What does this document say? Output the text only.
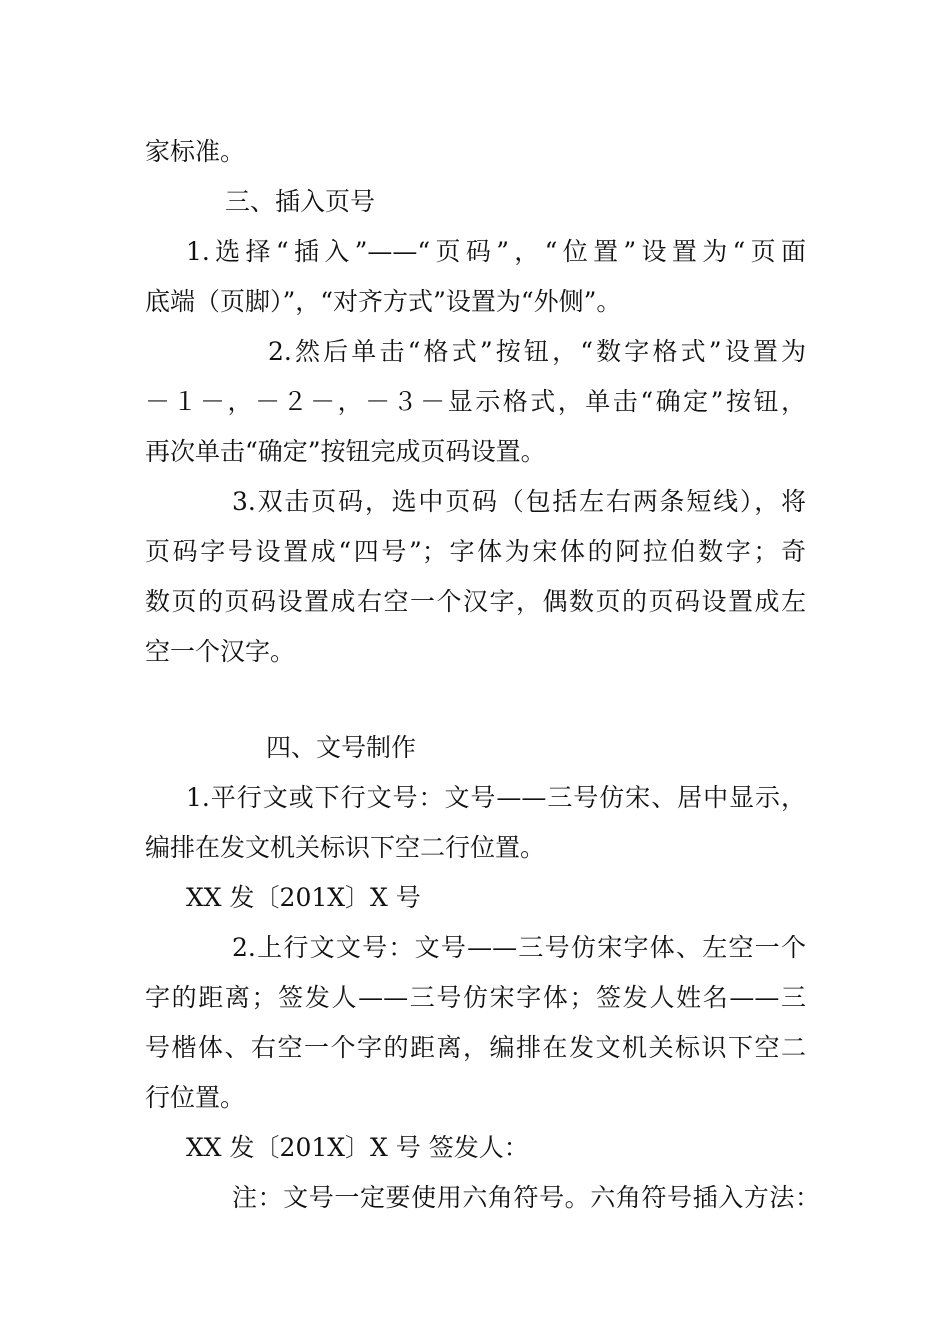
家标准。
三、插入页号
1.选择“插入”——“页码”，“位置”设置为“页面
底端（页脚）”，“对齐方式”设置为“外侧”。
2.然后单击“格式”按钮，“数字格式”设置为
－１－，－２－，－３－显示格式，单击“确定”按钮，
再次单击“确定”按钮完成页码设置。
3.双击页码，选中页码（包括左右两条短线），将
页码字号设置成“四号”；字体为宋体的阿拉伯数字；奇
数页的页码设置成右空一个汉字，偶数页的页码设置成左
空一个汉字。
四、文号制作
1.平行文或下行文号：文号——三号仿宋、居中显示，
编排在发文机关标识下空二行位置。
XX 发〔201X〕X 号
2.上行文文号：文号——三号仿宋字体、左空一个
字的距离；签发人——三号仿宋字体；签发人姓名——三
号楷体、右空一个字的距离，编排在发文机关标识下空二
行位置。
XX 发〔201X〕X 号 签发人：
注：文号一定要使用六角符号。六角符号插入方法：
